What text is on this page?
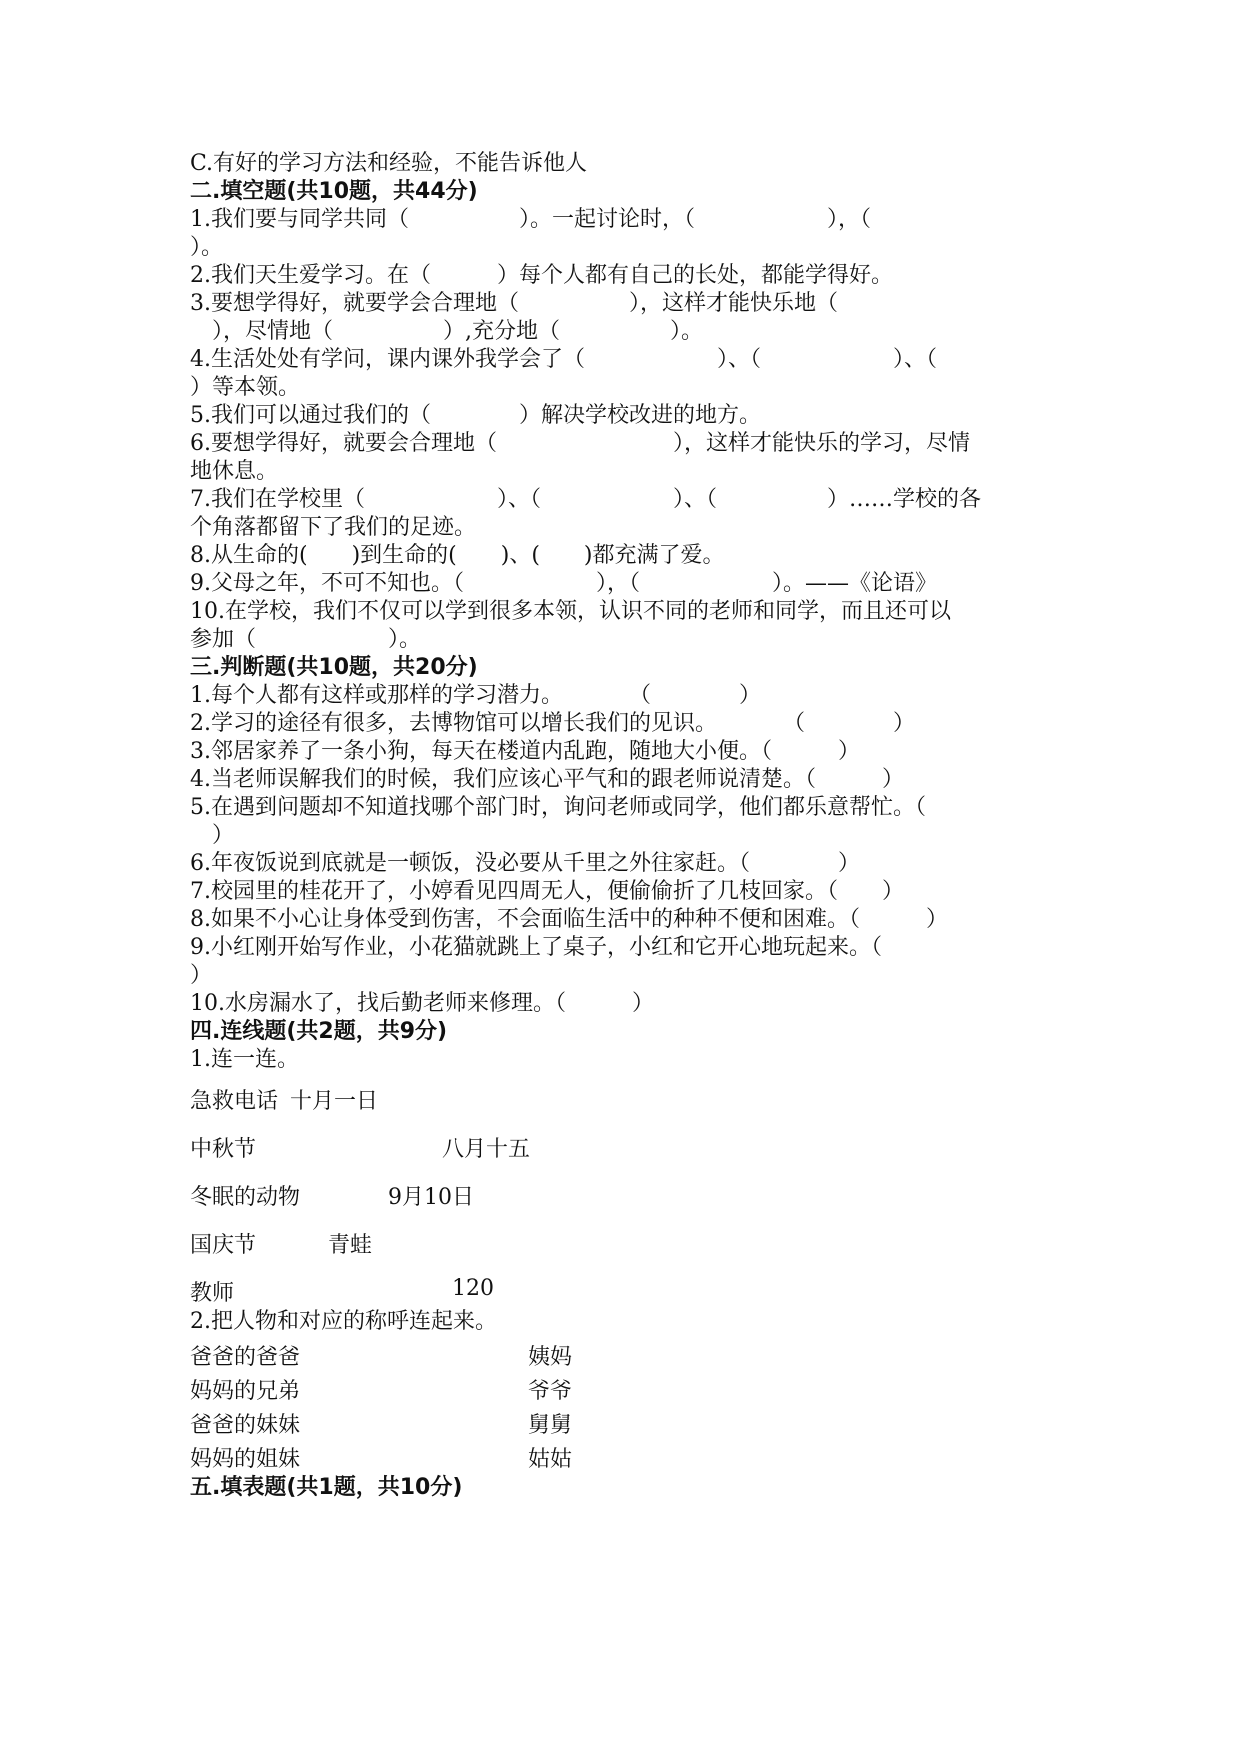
C.有好的学习方法和经验，不能告诉他人

二.填空题(共10题，共44分)

1.我们要与同学共同（　　　　　）。一起讨论时，（　　　　　　），（

）。

2.我们天生爱学习。在（　　　）每个人都有自己的长处，都能学得好。

3.要想学得好，就要学会合理地（　　　　　），这样才能快乐地（

　），尽情地（　　　　　）,充分地（　　　　　）。

4.生活处处有学问，课内课外我学会了（　　　　　　）、（　　　　　　）、（

）等本领。

5.我们可以通过我们的（　　　　）解决学校改进的地方。

6.要想学得好，就要会合理地（　　　　　　　　），这样才能快乐的学习，尽情

地休息。

7.我们在学校里（　　　　　　）、（　　　　　　）、（　　　　　）……学校的各

个角落都留下了我们的足迹。

8.从生命的(　　)到生命的(　　)、(　　)都充满了爱。

9.父母之年，不可不知也。（　　　　　　），（　　　　　　）。——《论语》

10.在学校，我们不仅可以学到很多本领，认识不同的老师和同学，而且还可以

参加（　　　　　　）。

三.判断题(共10题，共20分)

1.每个人都有这样或那样的学习潜力。　　　　（　　　　）

2.学习的途径有很多，去博物馆可以增长我们的见识。　　　　（　　　　）

3.邻居家养了一条小狗，每天在楼道内乱跑，随地大小便。（　　　）

4.当老师误解我们的时候，我们应该心平气和的跟老师说清楚。（　　　）

5.在遇到问题却不知道找哪个部门时，询问老师或同学，他们都乐意帮忙。（

　）

6.年夜饭说到底就是一顿饭，没必要从千里之外往家赶。（　　　　）

7.校园里的桂花开了，小婷看见四周无人，便偷偷折了几枝回家。（　　）

8.如果不小心让身体受到伤害，不会面临生活中的种种不便和困难。（　　　）

9.小红刚开始写作业，小花猫就跳上了桌子，小红和它开心地玩起来。（

）

10.水房漏水了，找后勤老师来修理。（　　　）

四.连线题(共2题，共9分)

1.连一连。

急救电话 十月一日
中秋节	八月十五
冬眠的动物	9月10日
国庆节	青蛙
教师	120

2.把人物和对应的称呼连起来。

爸爸的爸爸	姨妈
妈妈的兄弟	爷爷
爸爸的妹妹	舅舅
妈妈的姐妹	姑姑

五.填表题(共1题，共10分)
